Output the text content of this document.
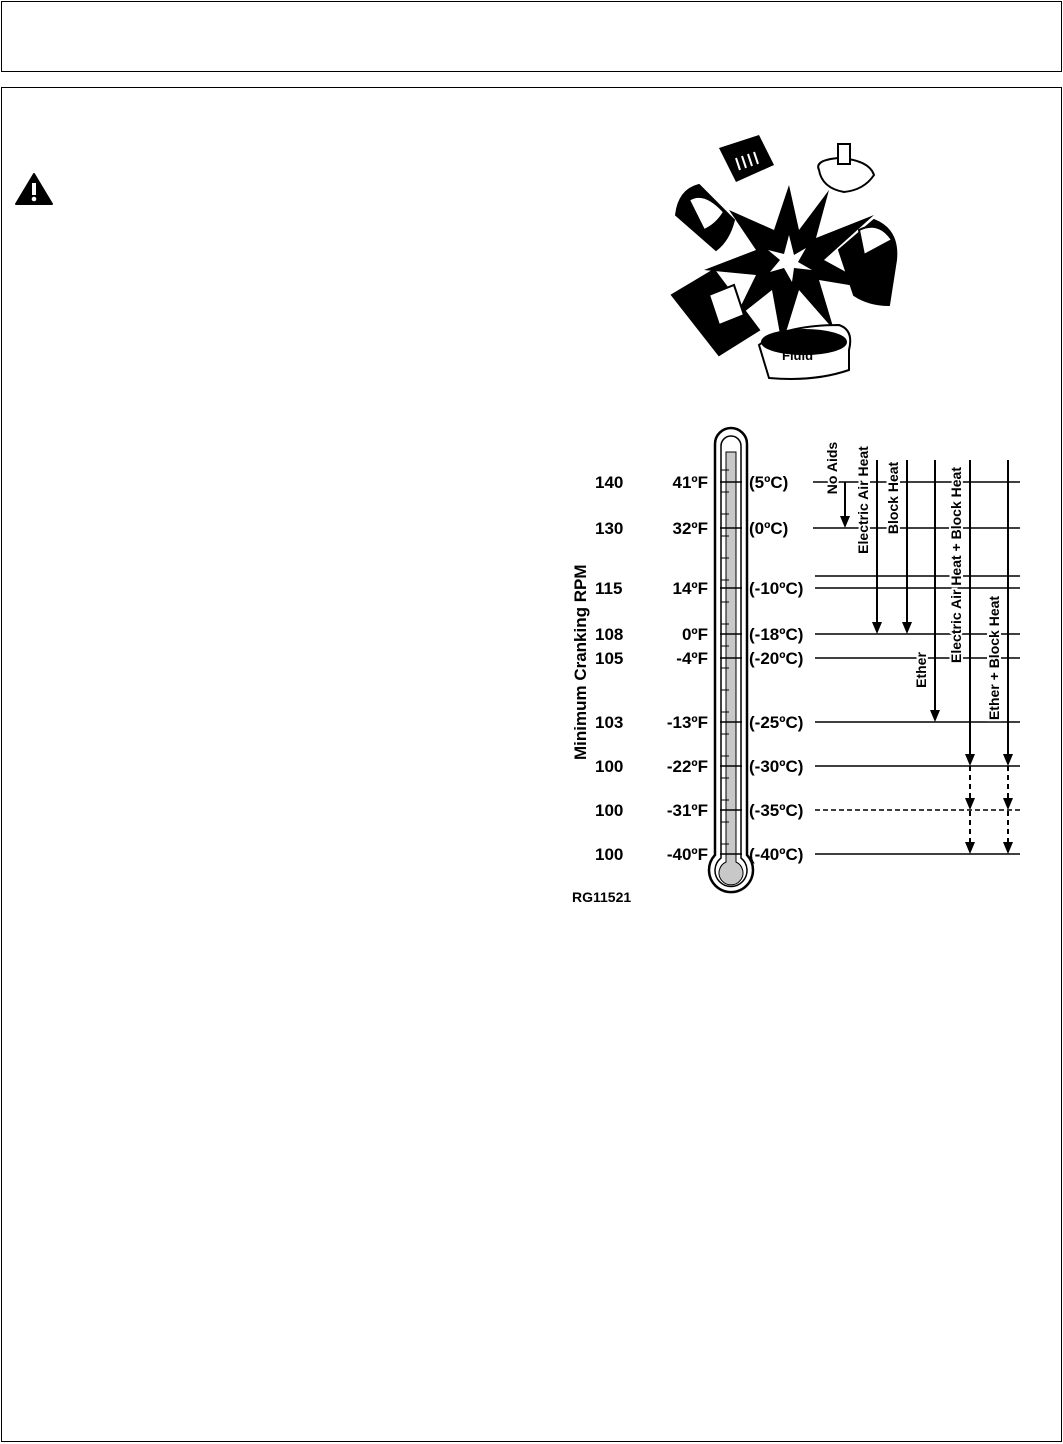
Fluid
Minimum Cranking RPM
140	41ºF (5ºC)
130	32ºF (0ºC)
115	14ºF (-10ºC)
108	0ºF (-18ºC)
105	-4ºF (-20ºC)
103	-13ºF (-25ºC)
100	-22ºF (-30ºC)
100	-31ºF (-35ºC)
100	-40ºF (-40ºC)
No Aids Electric Air Heat Block Heat
Ether
Electric Air Heat + Block Heat Ether + Block Heat
RG11521
